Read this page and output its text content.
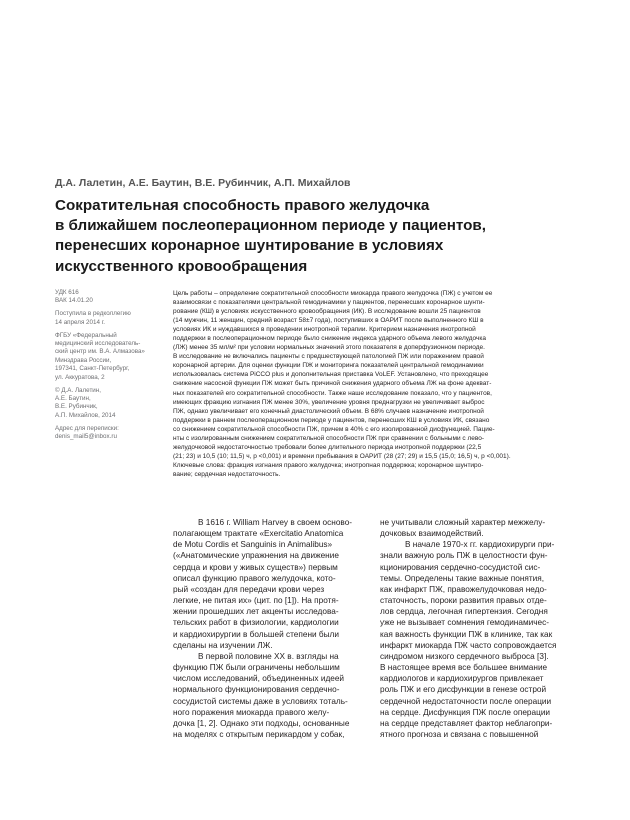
Д.А. Лалетин, А.Е. Баутин, В.Е. Рубинчик, А.П. Михайлов
Сократительная способность правого желудочка
в ближайшем послеоперационном периоде у пациентов,
перенесших коронарное шунтирование в условиях
искусственного кровообращения
УДК 616
ВАК 14.01.20
Поступила в редколлегию
14 апреля 2014 г.
ФГБУ «Федеральный
медицинский исследователь-
ский центр им. В.А. Алмазова»
Минздрава России,
197341, Санкт-Петербург,
ул. Аккуратова, 2
© Д.А. Лалетин,
А.Е. Баутин,
В.Е. Рубинчик,
А.П. Михайлов, 2014
Адрес для переписки:
denis_mail5@inbox.ru
Цель работы – определение сократительной способности миокарда правого желудочка (ПЖ) с учетом ее
взаимосвязи с показателями центральной гемодинамики у пациентов, перенесших коронарное шунти-
рование (КШ) в условиях искусственного кровообращения (ИК). В исследование вошли 25 пациентов
(14 мужчин, 11 женщин, средний возраст 58±7 года), поступивших в ОАРИТ после выполненного КШ в
условиях ИК и нуждавшихся в проведении инотропной терапии. Критерием назначения инотропной
поддержки в послеоперационном периоде было снижение индекса ударного объема левого желудочка
(ЛЖ) менее 35 мл/м² при условии нормальных значений этого показателя в доперфузионном периоде.
В исследование не включались пациенты с предшествующей патологией ПЖ или поражением правой
коронарной артерии. Для оценки функции ПЖ и мониторинга показателей центральной гемодинамики
использовалась система PiCCO plus и дополнительная приставка VoLEF. Установлено, что преходящее
снижение насосной функции ПЖ может быть причиной снижения ударного объема ЛЖ на фоне адекват-
ных показателей его сократительной способности. Также наше исследование показало, что у пациентов,
имеющих фракцию изгнания ПЖ менее 30%, увеличение уровня преднагрузки не увеличивает выброс
ПЖ, однако увеличивает его конечный диастолический объем. В 68% случаев назначение инотропной
поддержки в раннем послеоперационном периоде у пациентов, перенесших КШ в условиях ИК, связано
со снижением сократительной способности ПЖ, причем в 40% с его изолированной дисфункцией. Пацие-
нты с изолированным снижением сократительной способности ПЖ при сравнении с больными с лево-
желудочковой недостаточностью требовали более длительного периода инотропной поддержки (22,5
(21; 23) и 10,5 (10; 11,5) ч, p <0,001) и времени пребывания в ОАРИТ (28 (27; 29) и 15,5 (15,0; 16,5) ч, p <0,001).
Ключевые слова: фракция изгнания правого желудочка; инотропная поддержка; коронарное шунтиро-
вание; сердечная недостаточность.
В 1616 г. William Harvey в своем осново-
полагающем трактате «Exercitatio Anatomica
de Motu Cordis et Sanguinis in Animalibus»
(«Анатомические упражнения на движение
сердца и крови у живых существ») первым
описал функцию правого желудочка, кото-
рый «создан для передачи крови через
легкие, не питая их» (цит. по [1]). На протя-
жении прошедших лет акценты исследова-
тельских работ в физиологии, кардиологии
и кардиохирургии в большей степени были
сделаны на изучении ЛЖ.
В первой половине XX в. взгляды на
функцию ПЖ были ограничены небольшим
числом исследований, объединенных идеей
нормального функционирования сердечно-
сосудистой системы даже в условиях тоталь-
ного поражения миокарда правого желу-
дочка [1, 2]. Однако эти подходы, основанные
на моделях с открытым перикардом у собак,
не учитывали сложный характер межжелу-
дочковых взаимодействий.
В начале 1970-х гг. кардиохирурги при-
знали важную роль ПЖ в целостности фун-
кционирования сердечно-сосудистой сис-
темы. Определены такие важные понятия,
как инфаркт ПЖ, правожелудочковая недо-
статочность, пороки развития правых отде-
лов сердца, легочная гипертензия. Сегодня
уже не вызывает сомнения гемодинамичес-
кая важность функции ПЖ в клинике, так как
инфаркт миокарда ПЖ часто сопровождается
синдромом низкого сердечного выброса [3].
В настоящее время все большее внимание
кардиологов и кардиохирургов привлекает
роль ПЖ и его дисфункции в генезе острой
сердечной недостаточности после операции
на сердце. Дисфункция ПЖ после операции
на сердце представляет фактор неблагопри-
ятного прогноза и связана с повышенной
